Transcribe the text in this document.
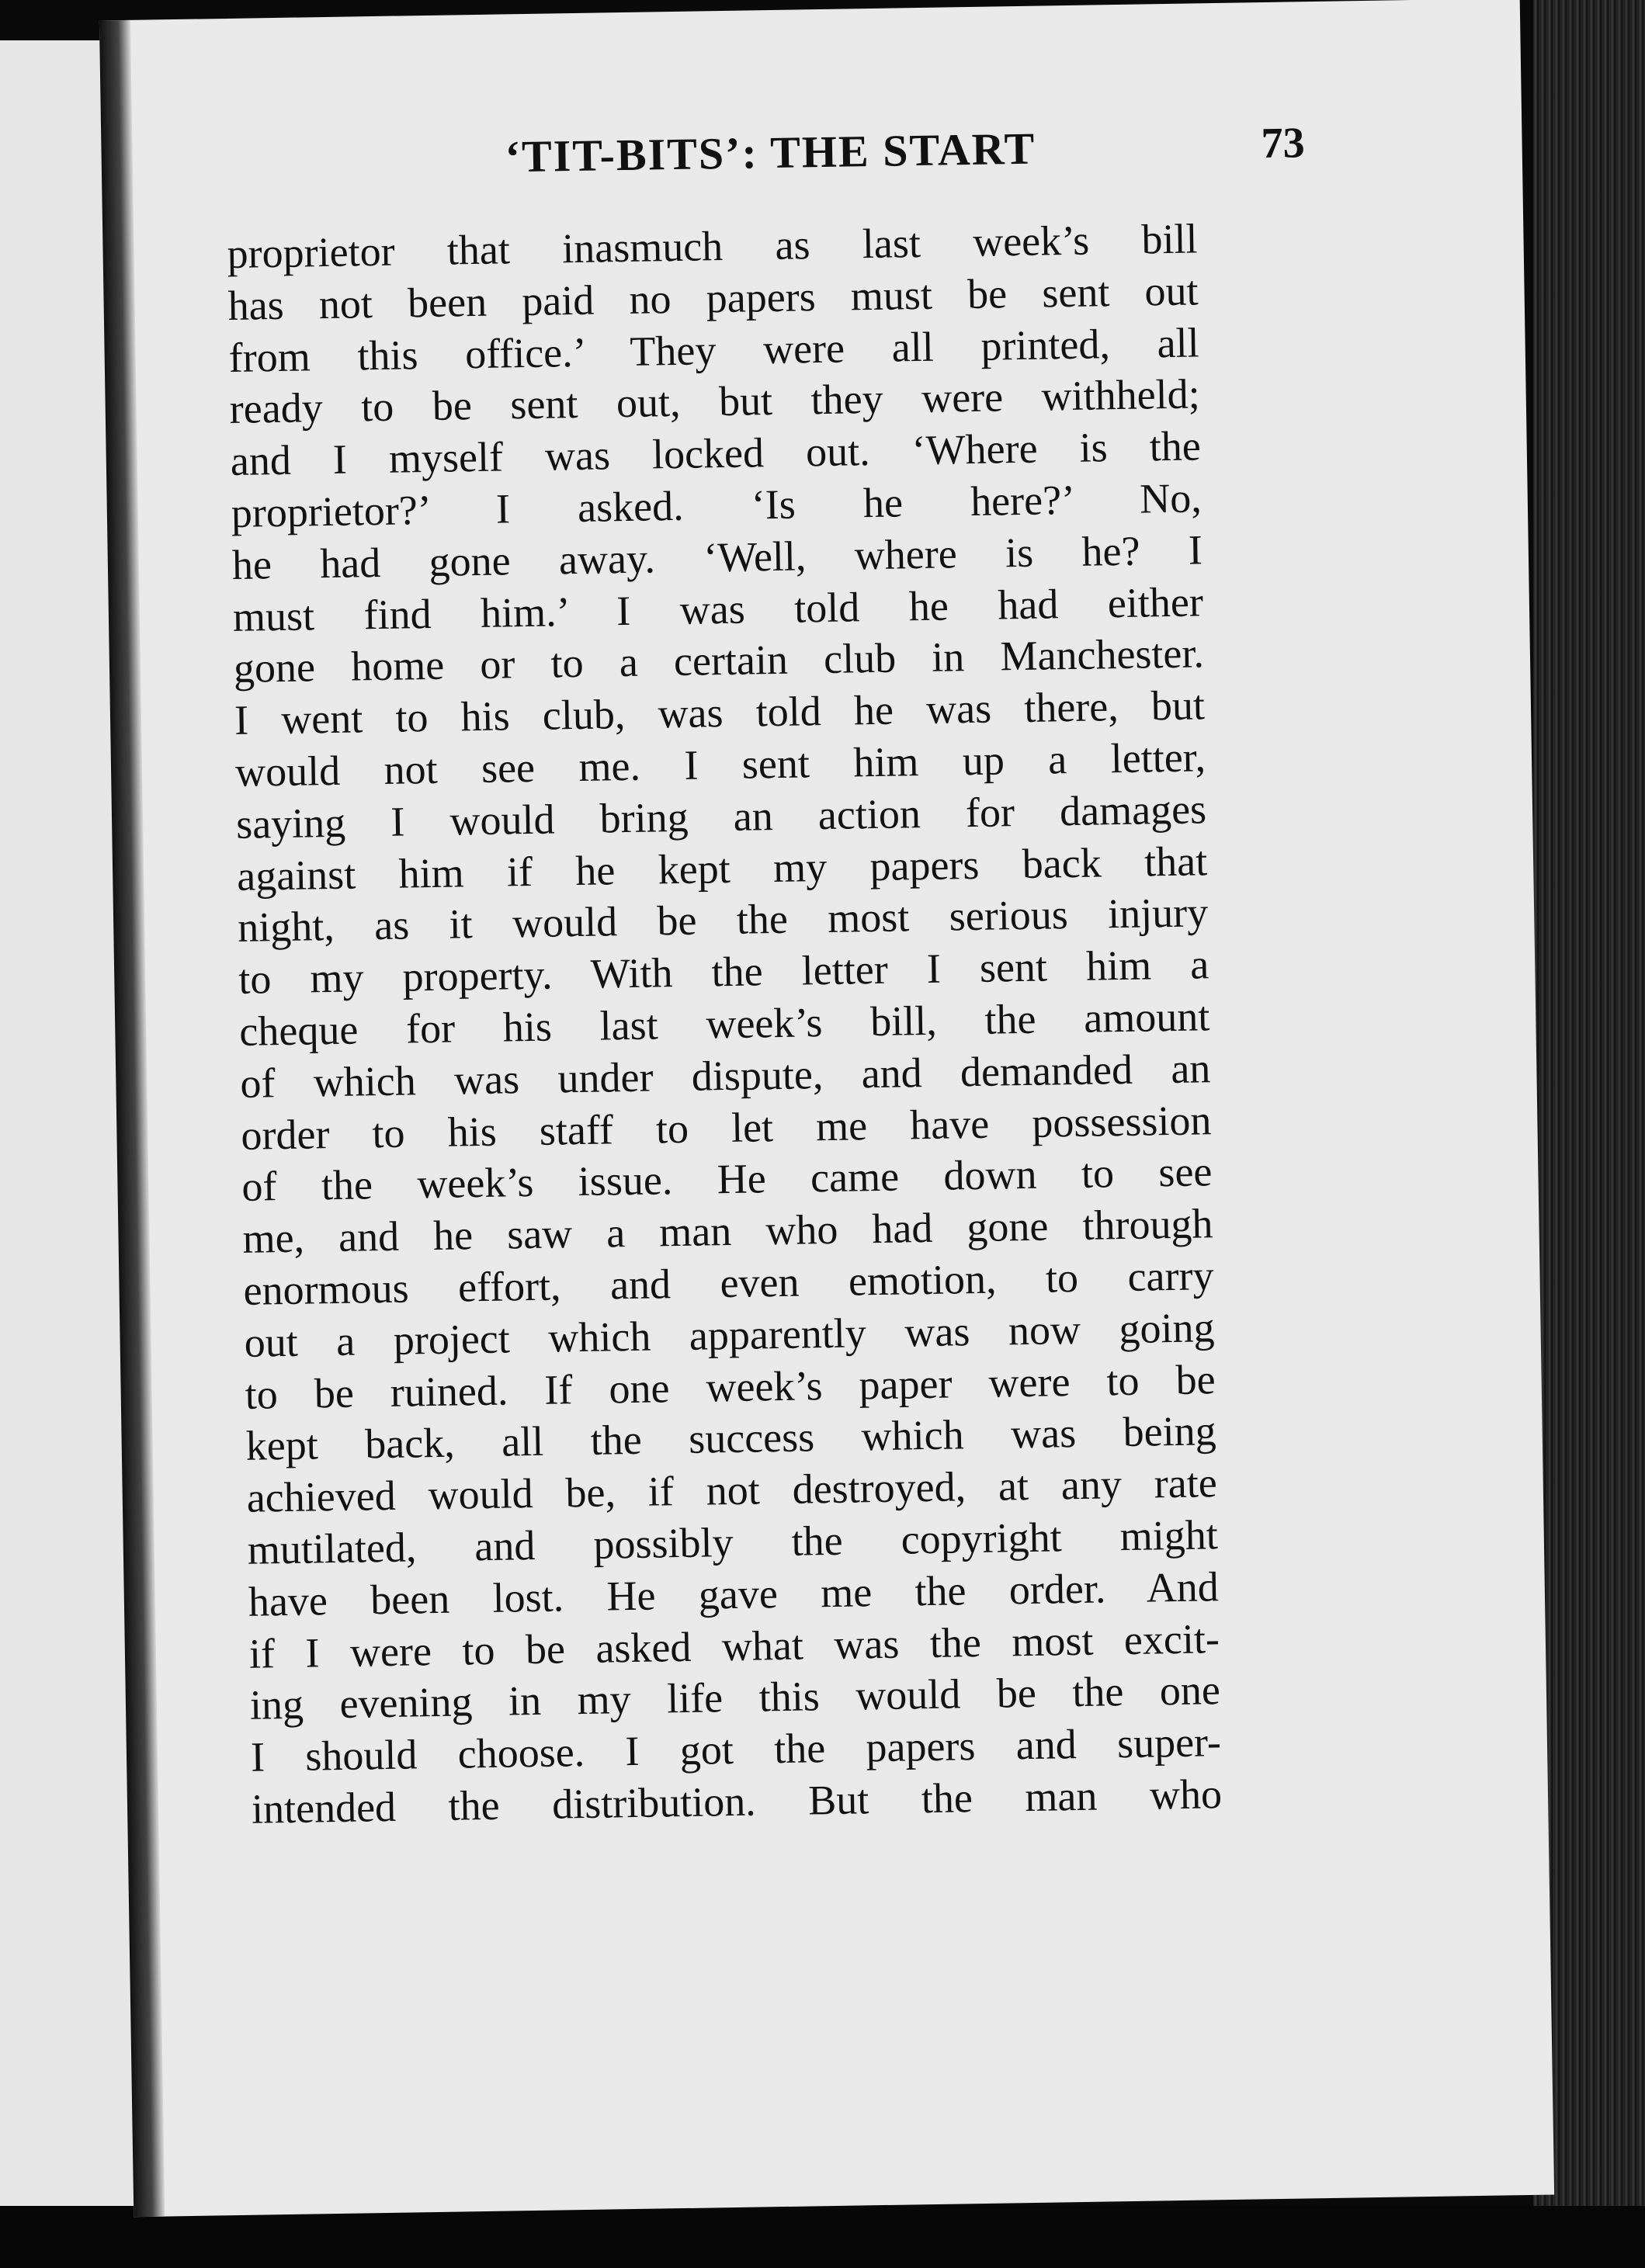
‘TIT-BITS’: THE START	73
proprietor that inasmuch as last week’s bill
has not been paid no papers must be sent out
from this office.’ They were all printed, all
ready to be sent out, but they were withheld;
and I myself was locked out. ‘Where is the
proprietor?’ I asked. ‘Is he here?’ No,
he had gone away. ‘Well, where is he? I
must find him.’ I was told he had either
gone home or to a certain club in Manchester.
I went to his club, was told he was there, but
would not see me. I sent him up a letter,
saying I would bring an action for damages
against him if he kept my papers back that
night, as it would be the most serious injury
to my property. With the letter I sent him a
cheque for his last week’s bill, the amount
of which was under dispute, and demanded an
order to his staff to let me have possession
of the week’s issue. He came down to see
me, and he saw a man who had gone through
enormous effort, and even emotion, to carry
out a project which apparently was now going
to be ruined. If one week’s paper were to be
kept back, all the success which was being
achieved would be, if not destroyed, at any rate
mutilated, and possibly the copyright might
have been lost. He gave me the order. And
if I were to be asked what was the most excit-
ing evening in my life this would be the one
I should choose. I got the papers and super-
intended the distribution. But the man who
